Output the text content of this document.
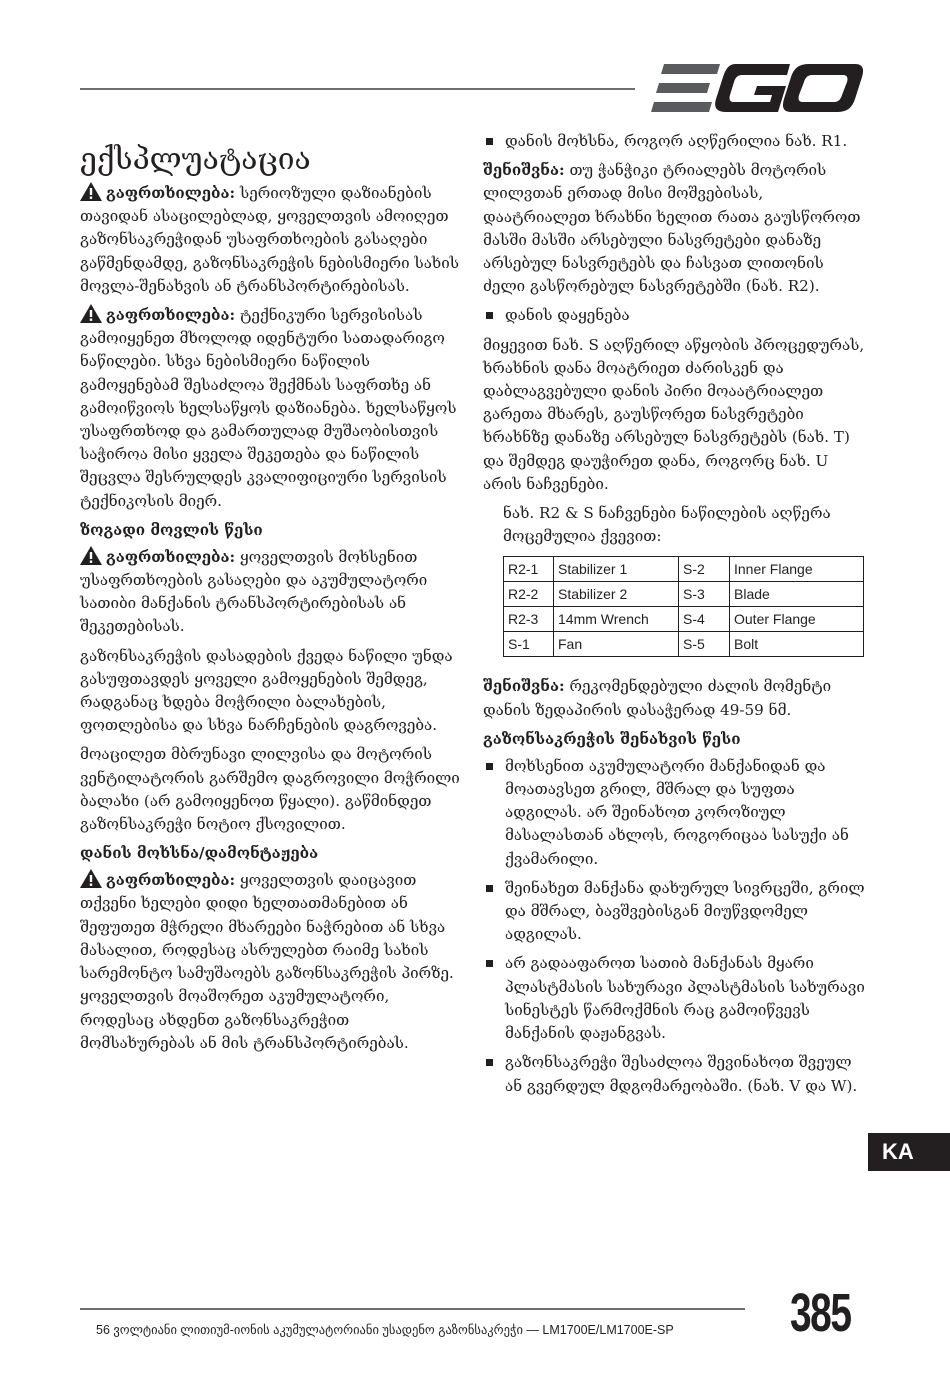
ექსპლუატაცია

გაფრთხილება: სერიოზული დაზიანების თავიდან ასაცილებლად, ყოველთვის ამოიღეთ გაზონსაკრეჭიდან უსაფრთხოების გასაღები გაწმენდამდე, გაზონსაკრეჭის ნებისმიერი სახის მოვლა-შენახვის ან ტრანსპორტირებისას.

გაფრთხილება: ტექნიკური სერვისისას გამოიყენეთ მხოლოდ იდენტური სათადარიგო ნაწილები. სხვა ნებისმიერი ნაწილის გამოყენებამ შესაძლოა შექმნას საფრთხე ან გამოიწვიოს ხელსაწყოს დაზიანება. ხელსაწყოს უსაფრთხოდ და გამართულად მუშაობისთვის საჭიროა მისი ყველა შეკეთება და ნაწილის შეცვლა შესრულდეს კვალიფიციური სერვისის ტექნიკოსის მიერ.

ზოგადი მოვლის წესი

გაფრთხილება: ყოველთვის მოხსენით უსაფრთხოების გასაღები და აკუმულატორი სათიბი მანქანის ტრანსპორტირებისას ან შეკეთებისას.

გაზონსაკრეჭის დასადების ქვედა ნაწილი უნდა გასუფთავდეს ყოველი გამოყენების შემდეგ, რადგანაც ხდება მოჭრილი ბალახების, ფოთლებისა და სხვა ნარჩენების დაგროვება.

მოაცილეთ მბრუნავი ლილვისა და მოტორის ვენტილატორის გარშემო დაგროვილი მოჭრილი ბალახი (არ გამოიყენოთ წყალი). გაწმინდეთ გაზონსაკრეჭი ნოტიო ქსოვილით.

დანის მოხსნა/დამონტაჟება

გაფრთხილება: ყოველთვის დაიცავით თქვენი ხელები დიდი ხელთათმანებით ან შეფუთეთ მჭრელი მხარეები ნაჭრებით ან სხვა მასალით, როდესაც ასრულებთ რაიმე სახის სარემონტო სამუშაოებს გაზონსაკრეჭის პირზე. ყოველთვის მოაშორეთ აკუმულატორი, როდესაც ახდენთ გაზონსაკრეჭით მომსახურებას ან მის ტრანსპორტირებას.

დანის მოხსნა, როგორ აღწერილია ნახ. R1.

შენიშვნა: თუ ჭანჭიკი ტრიალებს მოტორის ლილვთან ერთად მისი მოშვებისას, დაატრიალეთ ხრახნი ხელით რათა გაუსწოროთ მასში მასში არსებული ნასვრეტები დანაზე არსებულ ნასვრეტებს და ჩასვათ ლითონის ძელი გასწორებულ ნასვრეტებში (ნახ. R2).

დანის დაყენება

მიყევით ნახ. S აღწერილ აწყობის პროცედურას, ხრახნის დანა მოატრიეთ ძარისკენ და დაბლაგვებული დანის პირი მოაატრიალეთ გარეთა მხარეს, გაუსწორეთ ნასვრეტები ხრახნზე დანაზე არსებულ ნასვრეტებს (ნახ. T) და შემდეგ დაუჭირეთ დანა, როგორც ნახ. U არის ნაჩვენები.

ნახ. R2 & S ნაჩვენები ნაწილების აღწერა მოცემულია ქვევით:

R2-1	Stabilizer 1	S-2	Inner Flange
R2-2	Stabilizer 2	S-3	Blade
R2-3	14mm Wrench	S-4	Outer Flange
S-1	Fan	S-5	Bolt

შენიშვნა: რეკომენდებული ძალის მომენტი დანის ზედაპირის დასაჭერად 49-59 ნმ.

გაზონსაკრეჭის შენახვის წესი
მოხსენით აკუმულატორი მანქანიდან და მოათავსეთ გრილ, მშრალ და სუფთა ადგილას. არ შეინახოთ კოროზიულ მასალასთან ახლოს, როგორიცაა სასუქი ან ქვამარილი.
შეინახეთ მანქანა დახურულ სივრცეში, გრილ და მშრალ, ბავშვებისგან მიუწვდომელ ადგილას.
არ გადააფაროთ სათიბ მანქანას მყარი პლასტმასის სახურავი პლასტმასის სახურავი სინესტეს წარმოქმნის რაც გამოიწვევს მანქანის დაჟანგვას.
გაზონსაკრეჭი შესაძლოა შევინახოთ შვეულ ან გვერდულ მდგომარეობაში. (ნახ. V და W).
KA
56 ვოლტიანი ლითიუმ-იონის აკუმულატორიანი უსადენო გაზონსაკრეჭი — LM1700E/LM1700E-SP 385
